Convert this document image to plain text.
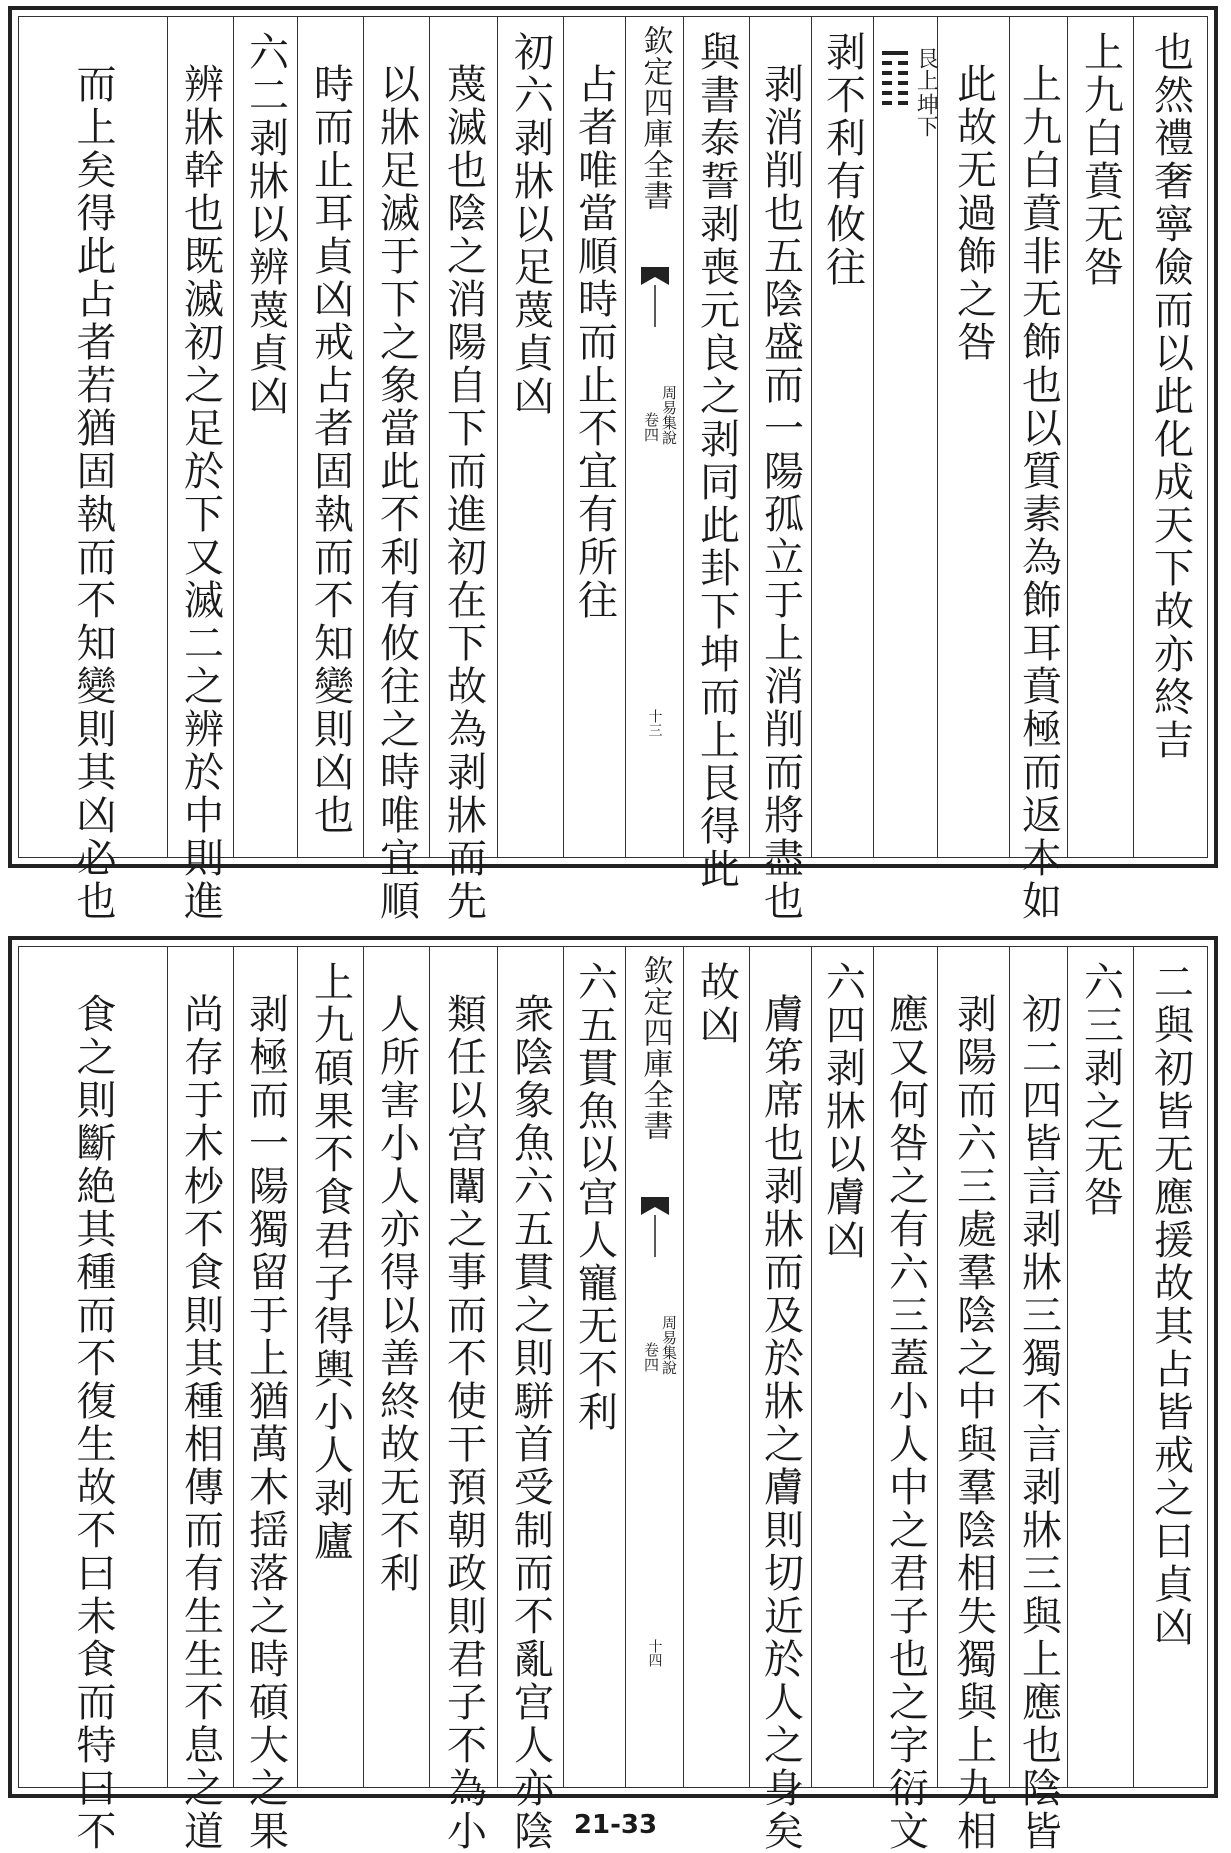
也然禮奢寧儉而以此化成天下故亦終吉
上九白賁无咎
上九白賁非无飾也以質素為飾耳賁極而返本如
此故无過飾之咎
坤下
艮上
剥不利有攸往
剥消削也五陰盛而一陽孤立于上消削而將盡也
與書泰誓剥喪元良之剥同此卦下坤而上艮得此
欽定四庫全書
周易集說
卷四
十三
占者唯當順時而止不宜有所往
初六剥牀以足蔑貞凶
蔑滅也陰之消陽自下而進初在下故為剥牀而先
以牀足滅于下之象當此不利有攸往之時唯宜順
時而止耳貞凶戒占者固執而不知變則凶也
六二剥牀以辨蔑貞凶
辨牀幹也既滅初之足於下又滅二之辨於中則進
而上矣得此占者若猶固執而不知變則其凶必也
二與初皆无應援故其占皆戒之曰貞凶
六三剥之无咎
初二四皆言剥牀三獨不言剥牀三與上應也陰皆
剥陽而六三處羣陰之中與羣陰相失獨與上九相
應又何咎之有六三蓋小人中之君子也之字衍文
六四剥牀以膚凶
膚笫席也剥牀而及於牀之膚則切近於人之身矣
故凶
欽定四庫全書
周易集說
卷四
十四
六五貫魚以宫人寵无不利
衆陰象魚六五貫之則駢首受制而不亂宫人亦陰
類任以宫闈之事而不使干預朝政則君子不為小
人所害小人亦得以善終故无不利
上九碩果不食君子得輿小人剥廬
剥極而一陽獨留于上猶萬木揺落之時碩大之果
尚存于木杪不食則其種相傳而有生生不息之道
食之則斷絶其種而不復生故不曰未食而特曰不	21-33
